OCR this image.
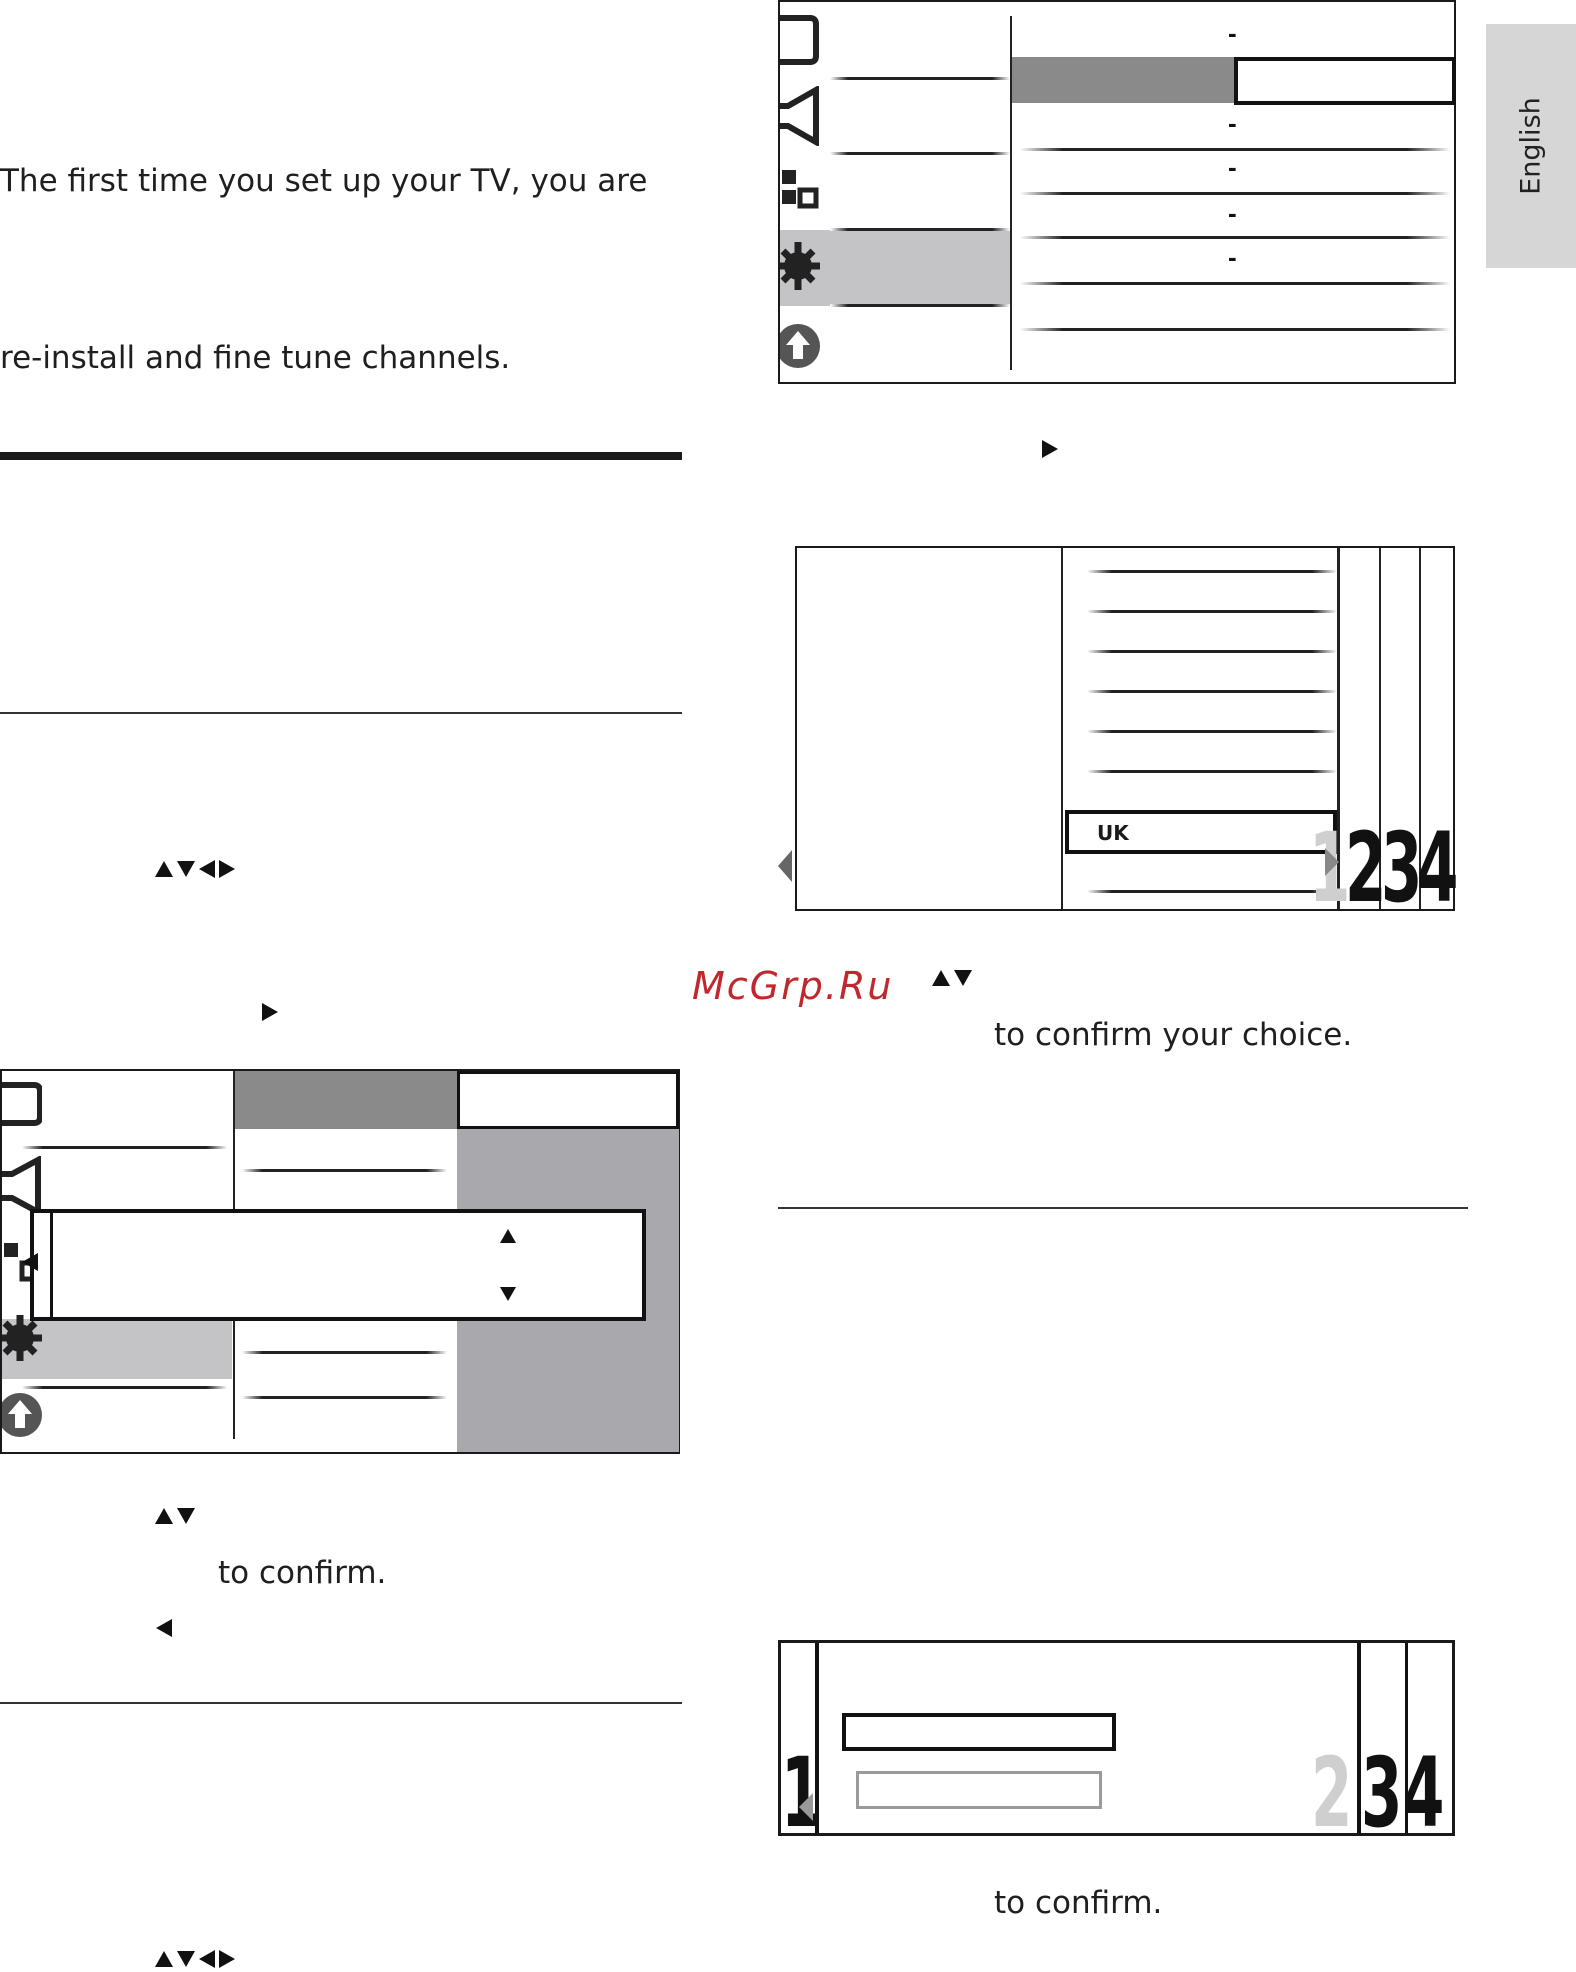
English
The first time you set up your TV, you are
re-install and fine tune channels.
to confirm.
-
-
-
-
-
UK 1 2 3 4
McGrp.Ru
to confirm your choice.
1	2 3 4
to confirm.
